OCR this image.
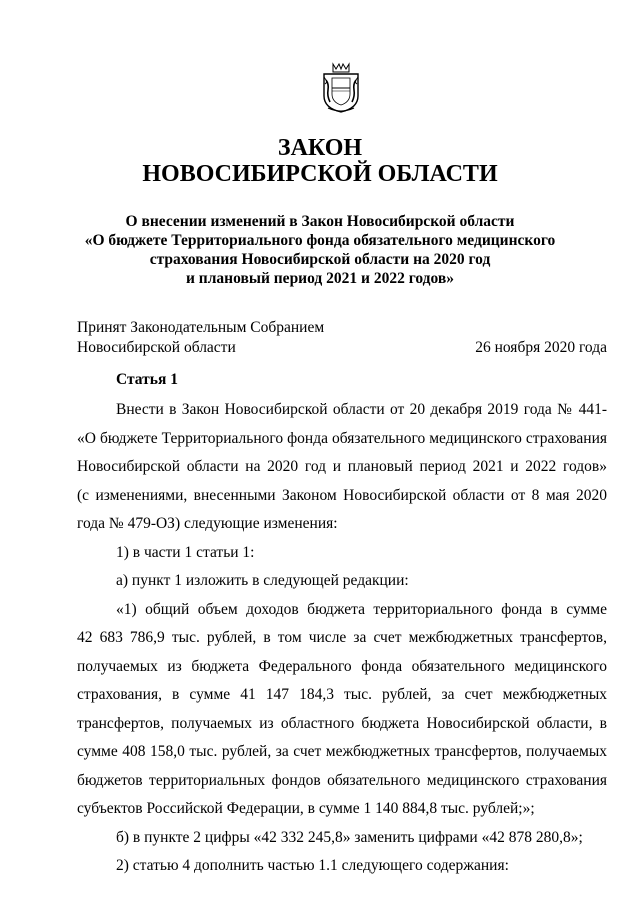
ЗАКОН
НОВОСИБИРСКОЙ ОБЛАСТИ
О внесении изменений в Закон Новосибирской области
«О бюджете Территориального фонда обязательного медицинского
страхования Новосибирской области на 2020 год
и плановый период 2021 и 2022 годов»
Принят Законодательным Собранием
Новосибирской области	26 ноября 2020 года
Статья 1
Внести в Закон Новосибирской области от 20 декабря 2019 года № 441-
«О бюджете Территориального фонда обязательного медицинского страхования
Новосибирской области на 2020 год и плановый период 2021 и 2022 годов»
(с изменениями, внесенными Законом Новосибирской области от 8 мая 2020
года № 479-ОЗ) следующие изменения:
1) в части 1 статьи 1:
а) пункт 1 изложить в следующей редакции:
«1) общий объем доходов бюджета территориального фонда в сумме
42 683 786,9 тыс. рублей, в том числе за счет межбюджетных трансфертов,
получаемых из бюджета Федерального фонда обязательного медицинского
страхования, в сумме 41 147 184,3 тыс. рублей, за счет межбюджетных
трансфертов, получаемых из областного бюджета Новосибирской области, в
сумме 408 158,0 тыс. рублей, за счет межбюджетных трансфертов, получаемых
бюджетов территориальных фондов обязательного медицинского страхования
субъектов Российской Федерации, в сумме 1 140 884,8 тыс. рублей;»;
б) в пункте 2 цифры «42 332 245,8» заменить цифрами «42 878 280,8»;
2) статью 4 дополнить частью 1.1 следующего содержания:
